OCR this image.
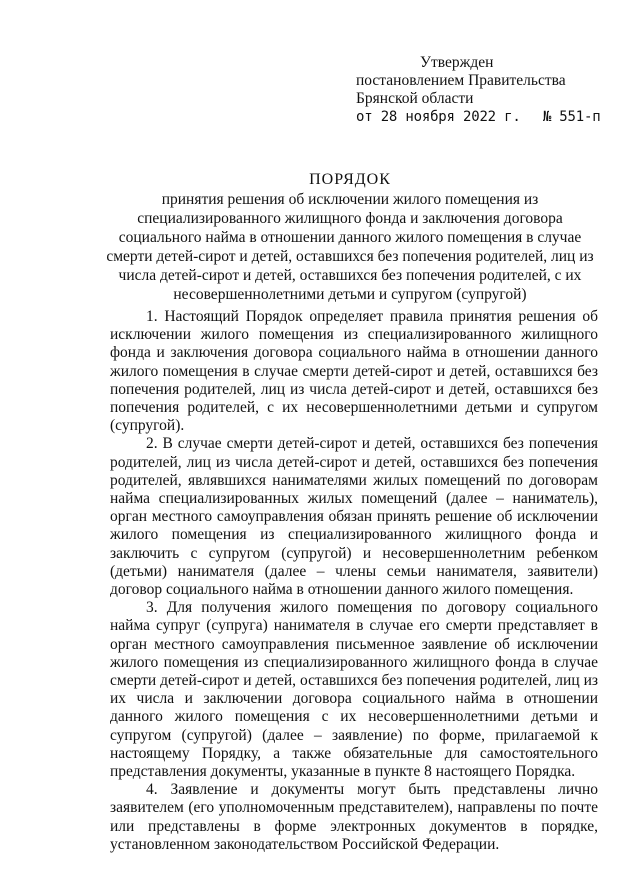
Утвержден
постановлением Правительства
Брянской области
от 28 ноября 2022 г. № 551-п
ПОРЯДОК
принятия решения об исключении жилого помещения из специализированного жилищного фонда и заключения договора социального найма в отношении данного жилого помещения в случае смерти детей-сирот и детей, оставшихся без попечения родителей, лиц из числа детей-сирот и детей, оставшихся без попечения родителей, с их несовершеннолетними детьми и супругом (супругой)

1. Настоящий Порядок определяет правила принятия решения об исключении жилого помещения из специализированного жилищного фонда и заключения договора социального найма в отношении данного жилого помещения в случае смерти детей-сирот и детей, оставшихся без попечения родителей, лиц из числа детей-сирот и детей, оставшихся без попечения родителей, с их несовершеннолетними детьми и супругом (супругой).

2. В случае смерти детей-сирот и детей, оставшихся без попечения родителей, лиц из числа детей-сирот и детей, оставшихся без попечения родителей, являвшихся нанимателями жилых помещений по договорам найма специализированных жилых помещений (далее – наниматель), орган местного самоуправления обязан принять решение об исключении жилого помещения из специализированного жилищного фонда и заключить с супругом (супругой) и несовершеннолетним ребенком (детьми) нанимателя (далее – члены семьи нанимателя, заявители) договор социального найма в отношении данного жилого помещения.

3. Для получения жилого помещения по договору социального найма супруг (супруга) нанимателя в случае его смерти представляет в орган местного самоуправления письменное заявление об исключении жилого помещения из специализированного жилищного фонда в случае смерти детей-сирот и детей, оставшихся без попечения родителей, лиц из их числа и заключении договора социального найма в отношении данного жилого помещения с их несовершеннолетними детьми и супругом (супругой) (далее – заявление) по форме, прилагаемой к настоящему Порядку, а также обязательные для самостоятельного представления документы, указанные в пункте 8 настоящего Порядка.

4. Заявление и документы могут быть представлены лично заявителем (его уполномоченным представителем), направлены по почте или представлены в форме электронных документов в порядке, установленном законодательством Российской Федерации.
